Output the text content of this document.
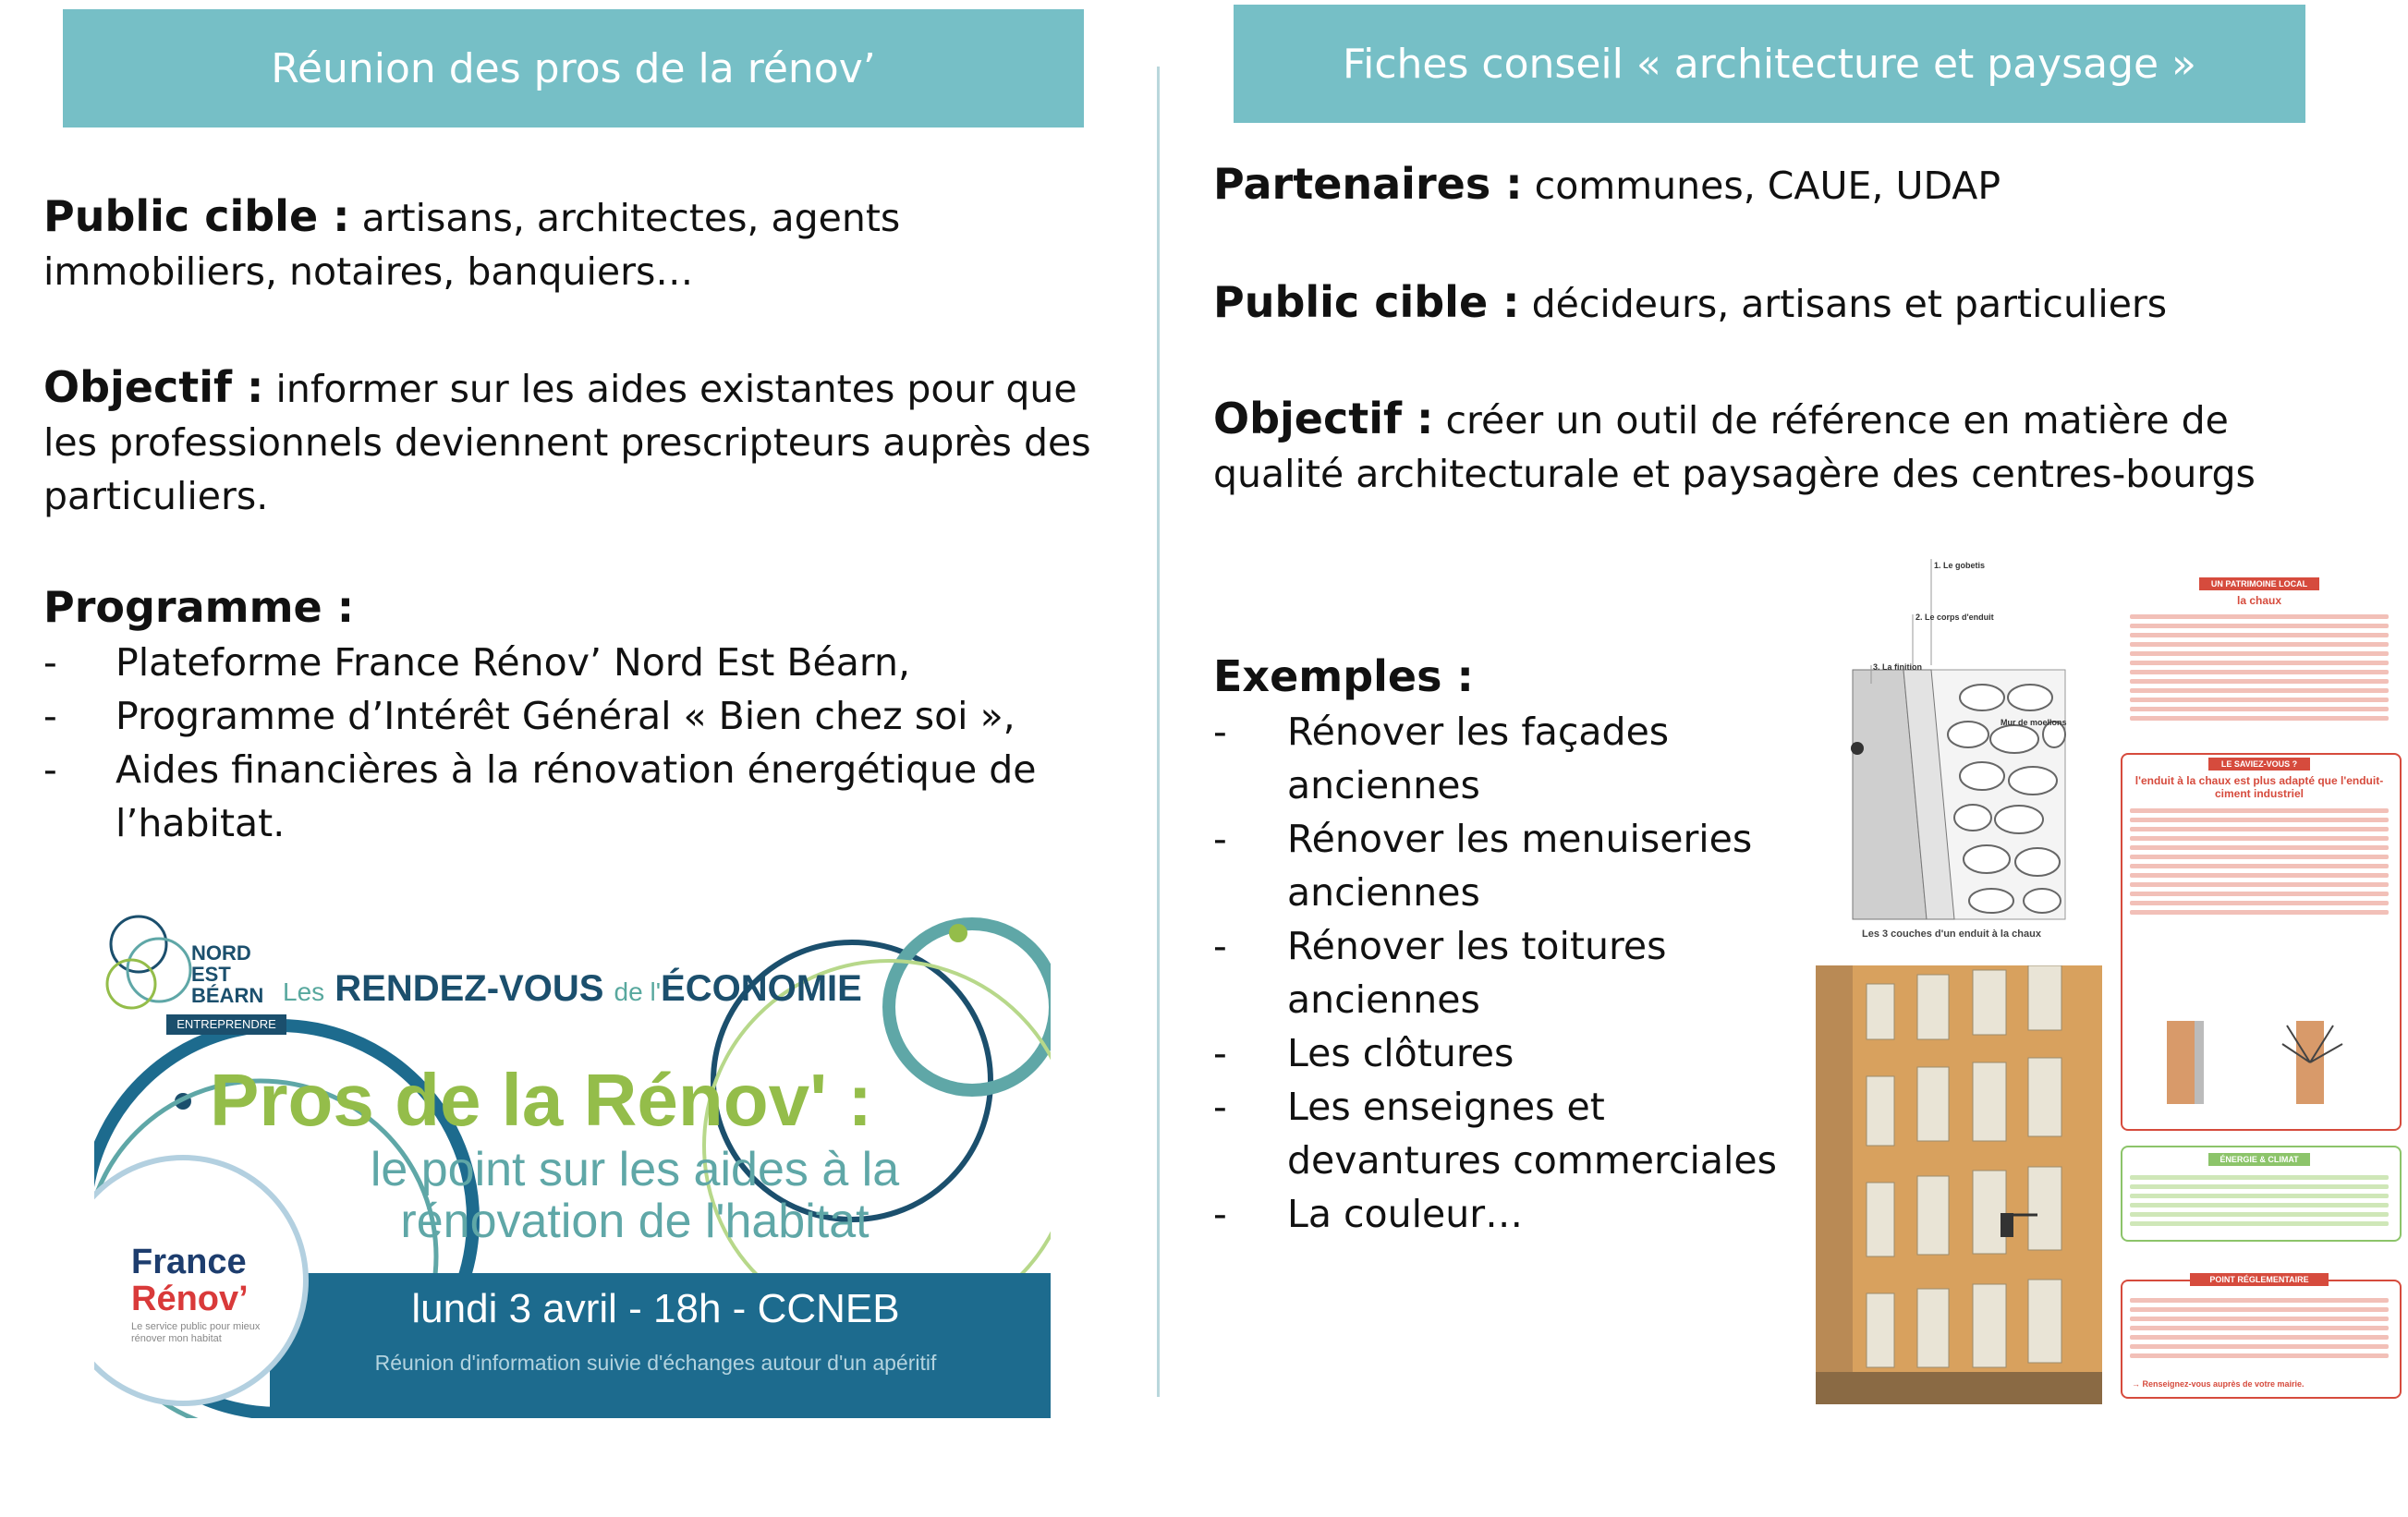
Réunion des pros de la rénov’
Public cible : artisans, architectes, agents immobiliers, notaires, banquiers…
Objectif : informer sur les aides existantes pour que les professionnels deviennent prescripteurs auprès des particuliers.
Programme :
- Plateforme France Rénov’ Nord Est Béarn,
- Programme d’Intérêt Général « Bien chez soi »,
- Aides financières à la rénovation énergétique de l’habitat.
NORD
EST
BÉARN
ENTREPRENDRE
Les RENDEZ-VOUS de l'ÉCONOMIE
Pros de la Rénov' :
le point sur les aides à la
rénovation de l'habitat
lundi 3 avril - 18h - CCNEB
Réunion d'information suivie d'échanges autour d'un apéritif
France
Rénov’
Le service public pour mieux rénover mon habitat
Fiches conseil « architecture et paysage »
Partenaires : communes, CAUE, UDAP
Public cible : décideurs, artisans et particuliers
Objectif : créer un outil de référence en matière de qualité architecturale et paysagère des centres-bourgs
Exemples :
- Rénover les façades anciennes
- Rénover les menuiseries anciennes
- Rénover les toitures anciennes
- Les clôtures
- Les enseignes et devantures commerciales
- La couleur…
1. Le gobetis
2. Le corps d'enduit
3. La finition
Mur de moellons
Les 3 couches d'un enduit à la chaux
UN PATRIMOINE LOCAL
la chaux
LE SAVIEZ-VOUS ?
l'enduit à la chaux est plus adapté que l'enduit-ciment industriel
ÉNERGIE & CLIMAT
POINT RÉGLEMENTAIRE
→ Renseignez-vous auprès de votre mairie.
